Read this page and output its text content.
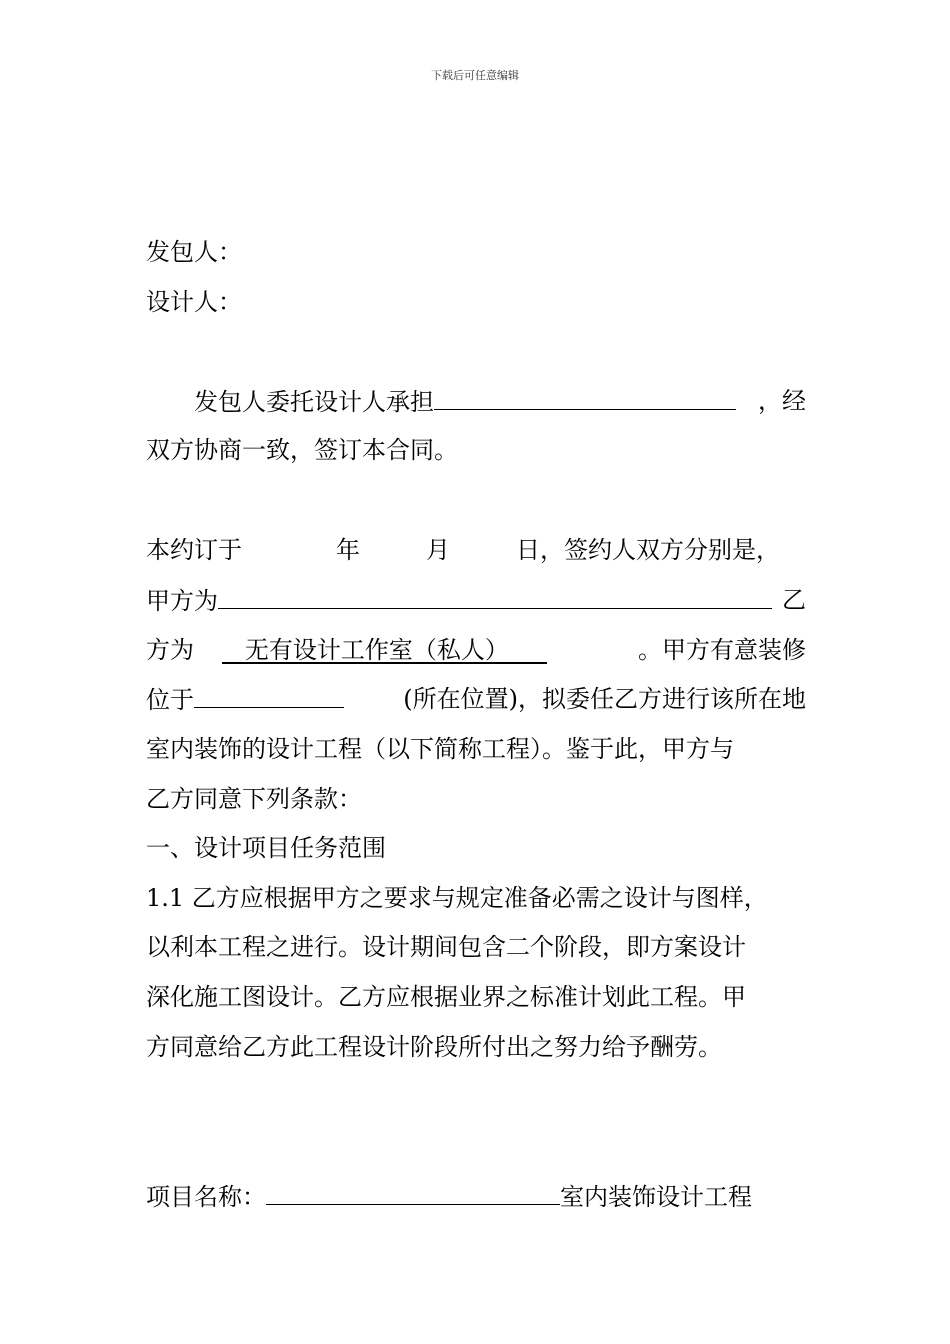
下载后可任意编辑
发包人：
设计人：
发包人委托设计人承担	，经
双方协商一致，签订本合同。
本约订于	年	月	日，签约人双方分别是，
甲方为	乙
方为   无有设计工作室（私人）	。甲方有意装修
位于	(所在位置)，拟委任乙方进行该所在地
室内装饰的设计工程（以下简称工程）。鉴于此，甲方与
乙方同意下列条款：
一、设计项目任务范围
1.1 乙方应根据甲方之要求与规定准备必需之设计与图样，
以利本工程之进行。设计期间包含二个阶段，即方案设计
深化施工图设计。乙方应根据业界之标准计划此工程。甲
方同意给乙方此工程设计阶段所付出之努力给予酬劳。
项目名称：	室内装饰设计工程
